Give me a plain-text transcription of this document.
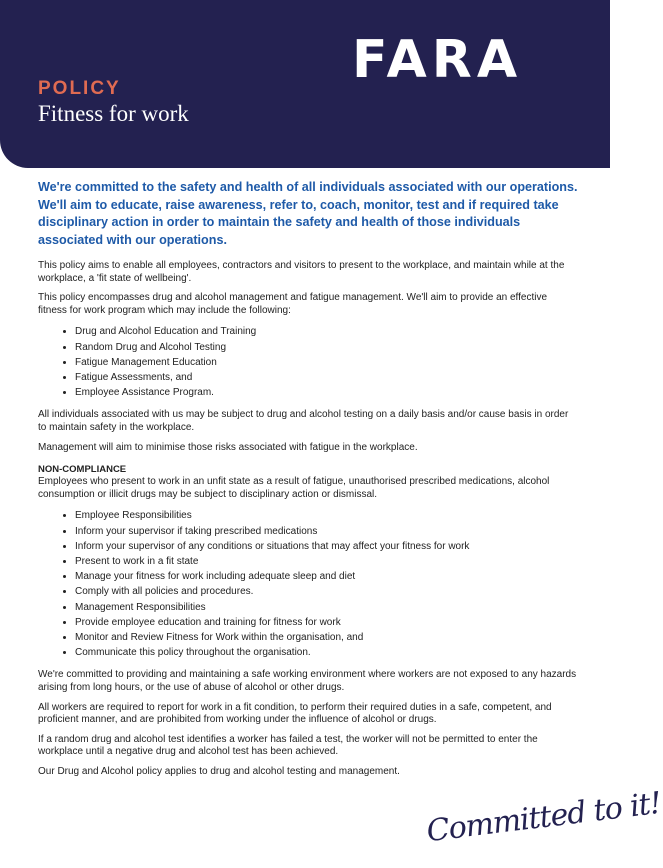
POLICY
Fitness for work
FARA

We're committed to the safety and health of all individuals associated with our operations. We'll aim to educate, raise awareness, refer to, coach, monitor, test and if required take disciplinary action in order to maintain the safety and health of those individuals associated with our operations.

This policy aims to enable all employees, contractors and visitors to present to the workplace, and maintain while at the workplace, a 'fit state of wellbeing'.

This policy encompasses drug and alcohol management and fatigue management. We'll aim to provide an effective fitness for work program which may include the following:

• Drug and Alcohol Education and Training
• Random Drug and Alcohol Testing
• Fatigue Management Education
• Fatigue Assessments, and
• Employee Assistance Program.

All individuals associated with us may be subject to drug and alcohol testing on a daily basis and/or cause basis in order to maintain safety in the workplace.

Management will aim to minimise those risks associated with fatigue in the workplace.

NON-COMPLIANCE

Employees who present to work in an unfit state as a result of fatigue, unauthorised prescribed medications, alcohol consumption or illicit drugs may be subject to disciplinary action or dismissal.

• Employee Responsibilities
• Inform your supervisor if taking prescribed medications
• Inform your supervisor of any conditions or situations that may affect your fitness for work
• Present to work in a fit state
• Manage your fitness for work including adequate sleep and diet
• Comply with all policies and procedures.
• Management Responsibilities
• Provide employee education and training for fitness for work
• Monitor and Review Fitness for Work within the organisation, and
• Communicate this policy throughout the organisation.

We're committed to providing and maintaining a safe working environment where workers are not exposed to any hazards arising from long hours, or the use of abuse of alcohol or other drugs.

All workers are required to report for work in a fit condition, to perform their required duties in a safe, competent, and proficient manner, and are prohibited from working under the influence of alcohol or drugs.

If a random drug and alcohol test identifies a worker has failed a test, the worker will not be permitted to enter the workplace until a negative drug and alcohol test has been achieved.

Our Drug and Alcohol policy applies to drug and alcohol testing and management.

Committed to it!
